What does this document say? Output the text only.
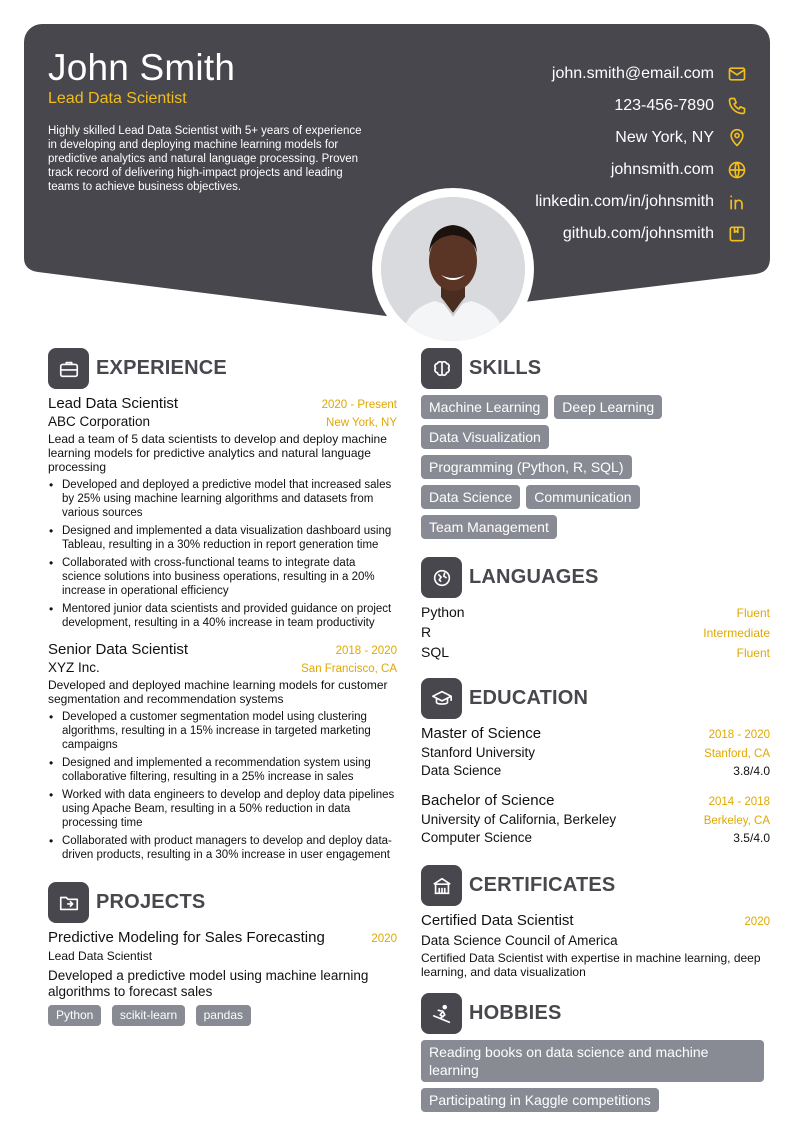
John Smith
Lead Data Scientist
Highly skilled Lead Data Scientist with 5+ years of experience in developing and deploying machine learning models for predictive analytics and natural language processing. Proven track record of delivering high-impact projects and leading teams to achieve business objectives.
john.smith@email.com
123-456-7890
New York, NY
johnsmith.com
linkedin.com/in/johnsmith
github.com/johnsmith
EXPERIENCE
Lead Data Scientist	2020 - Present
ABC Corporation	New York, NY
Lead a team of 5 data scientists to develop and deploy machine learning models for predictive analytics and natural language processing
• Developed and deployed a predictive model that increased sales by 25% using machine learning algorithms and datasets from various sources
• Designed and implemented a data visualization dashboard using Tableau, resulting in a 30% reduction in report generation time
• Collaborated with cross-functional teams to integrate data science solutions into business operations, resulting in a 20% increase in operational efficiency
• Mentored junior data scientists and provided guidance on project development, resulting in a 40% increase in team productivity
Senior Data Scientist	2018 - 2020
XYZ Inc.	San Francisco, CA
Developed and deployed machine learning models for customer segmentation and recommendation systems
• Developed a customer segmentation model using clustering algorithms, resulting in a 15% increase in targeted marketing campaigns
• Designed and implemented a recommendation system using collaborative filtering, resulting in a 25% increase in sales
• Worked with data engineers to develop and deploy data pipelines using Apache Beam, resulting in a 50% reduction in data processing time
• Collaborated with product managers to develop and deploy data-driven products, resulting in a 30% increase in user engagement
PROJECTS
Predictive Modeling for Sales Forecasting	2020
Lead Data Scientist
Developed a predictive model using machine learning algorithms to forecast sales
Python scikit-learn pandas
SKILLS
Machine Learning Deep Learning
Data VisualizationProgramming (Python, R, SQL)
Data Science Communication
Team Management
LANGUAGES
Python	Fluent
R	Intermediate
SQL	Fluent
EDUCATION
Master of Science	2018 - 2020
Stanford University	Stanford, CA
Data Science	3.8/4.0
Bachelor of Science	2014 - 2018
University of California, Berkeley	Berkeley, CA
Computer Science	3.5/4.0
CERTIFICATES
Certified Data Scientist	2020
Data Science Council of America
Certified Data Scientist with expertise in machine learning, deep learning, and data visualization
HOBBIES
Reading books on data science and machine learning
Participating in Kaggle competitions
